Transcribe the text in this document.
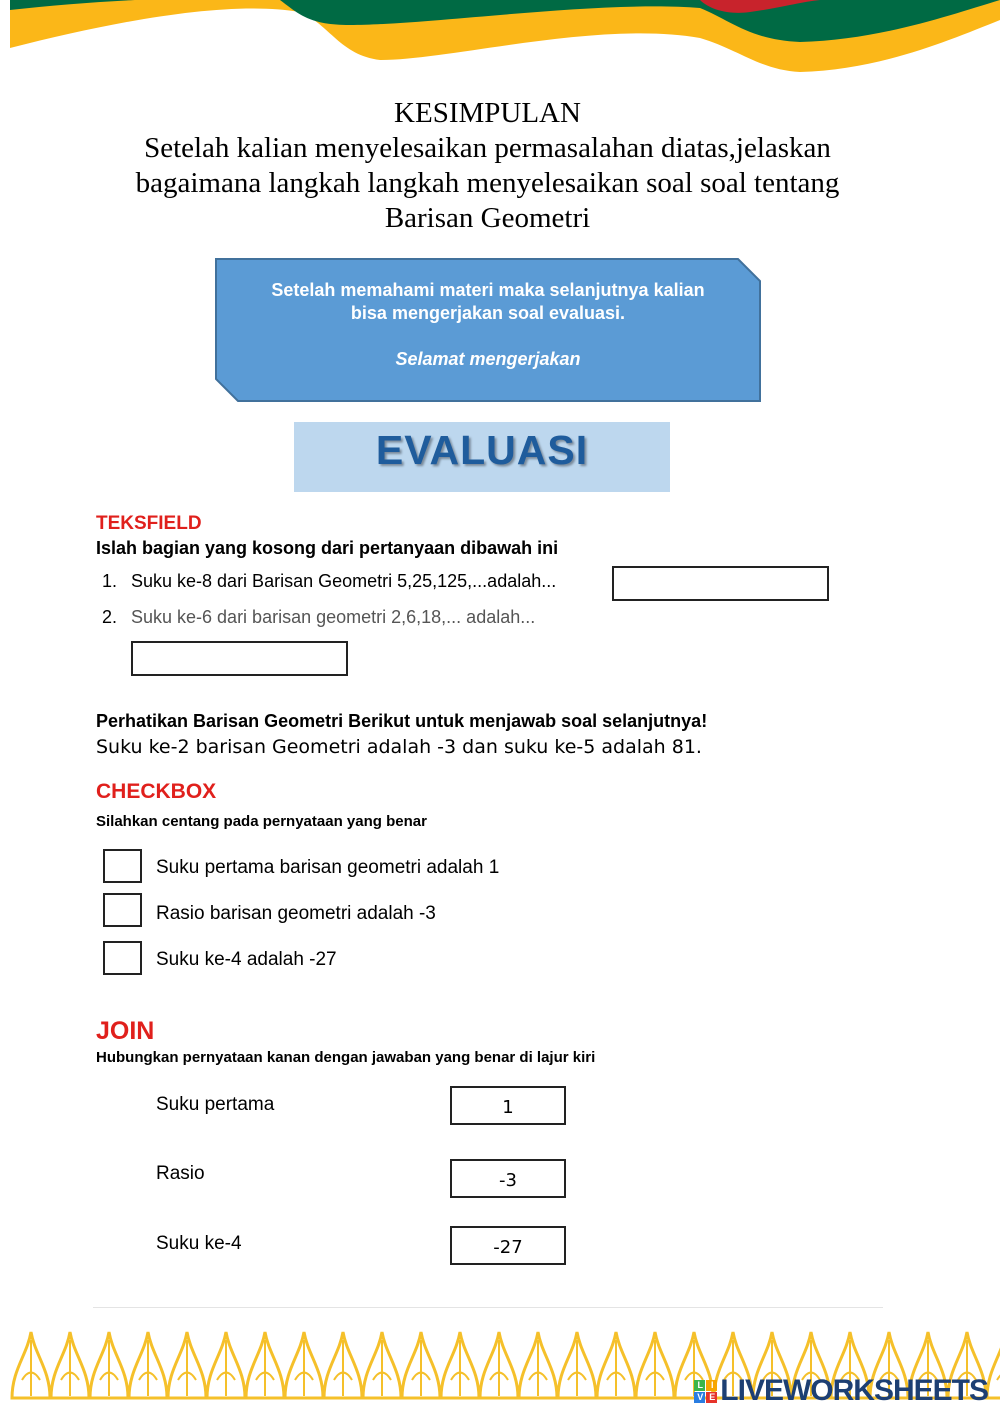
KESIMPULAN
Setelah kalian menyelesaikan permasalahan diatas,jelaskan
bagaimana langkah langkah menyelesaikan soal soal tentang
Barisan Geometri
Setelah memahami materi maka selanjutnya kalian
bisa mengerjakan soal evaluasi.
Selamat mengerjakan
EVALUASI
TEKSFIELD
Islah bagian yang kosong dari pertanyaan dibawah ini
1. Suku ke-8 dari Barisan Geometri 5,25,125,...adalah...
2. Suku ke-6 dari barisan geometri 2,6,18,... adalah...
Perhatikan Barisan Geometri Berikut untuk menjawab soal selanjutnya!
Suku ke-2 barisan Geometri adalah -3 dan suku ke-5 adalah 81.
CHECKBOX
Silahkan centang pada pernyataan yang benar
Suku pertama barisan geometri adalah 1
Rasio barisan geometri adalah -3
Suku ke-4 adalah -27
JOIN
Hubungkan pernyataan kanan dengan jawaban yang benar di lajur kiri
Suku pertama
Rasio
Suku ke-4
1
-3
-27
L I
V E LIVEWORKSHEETS
